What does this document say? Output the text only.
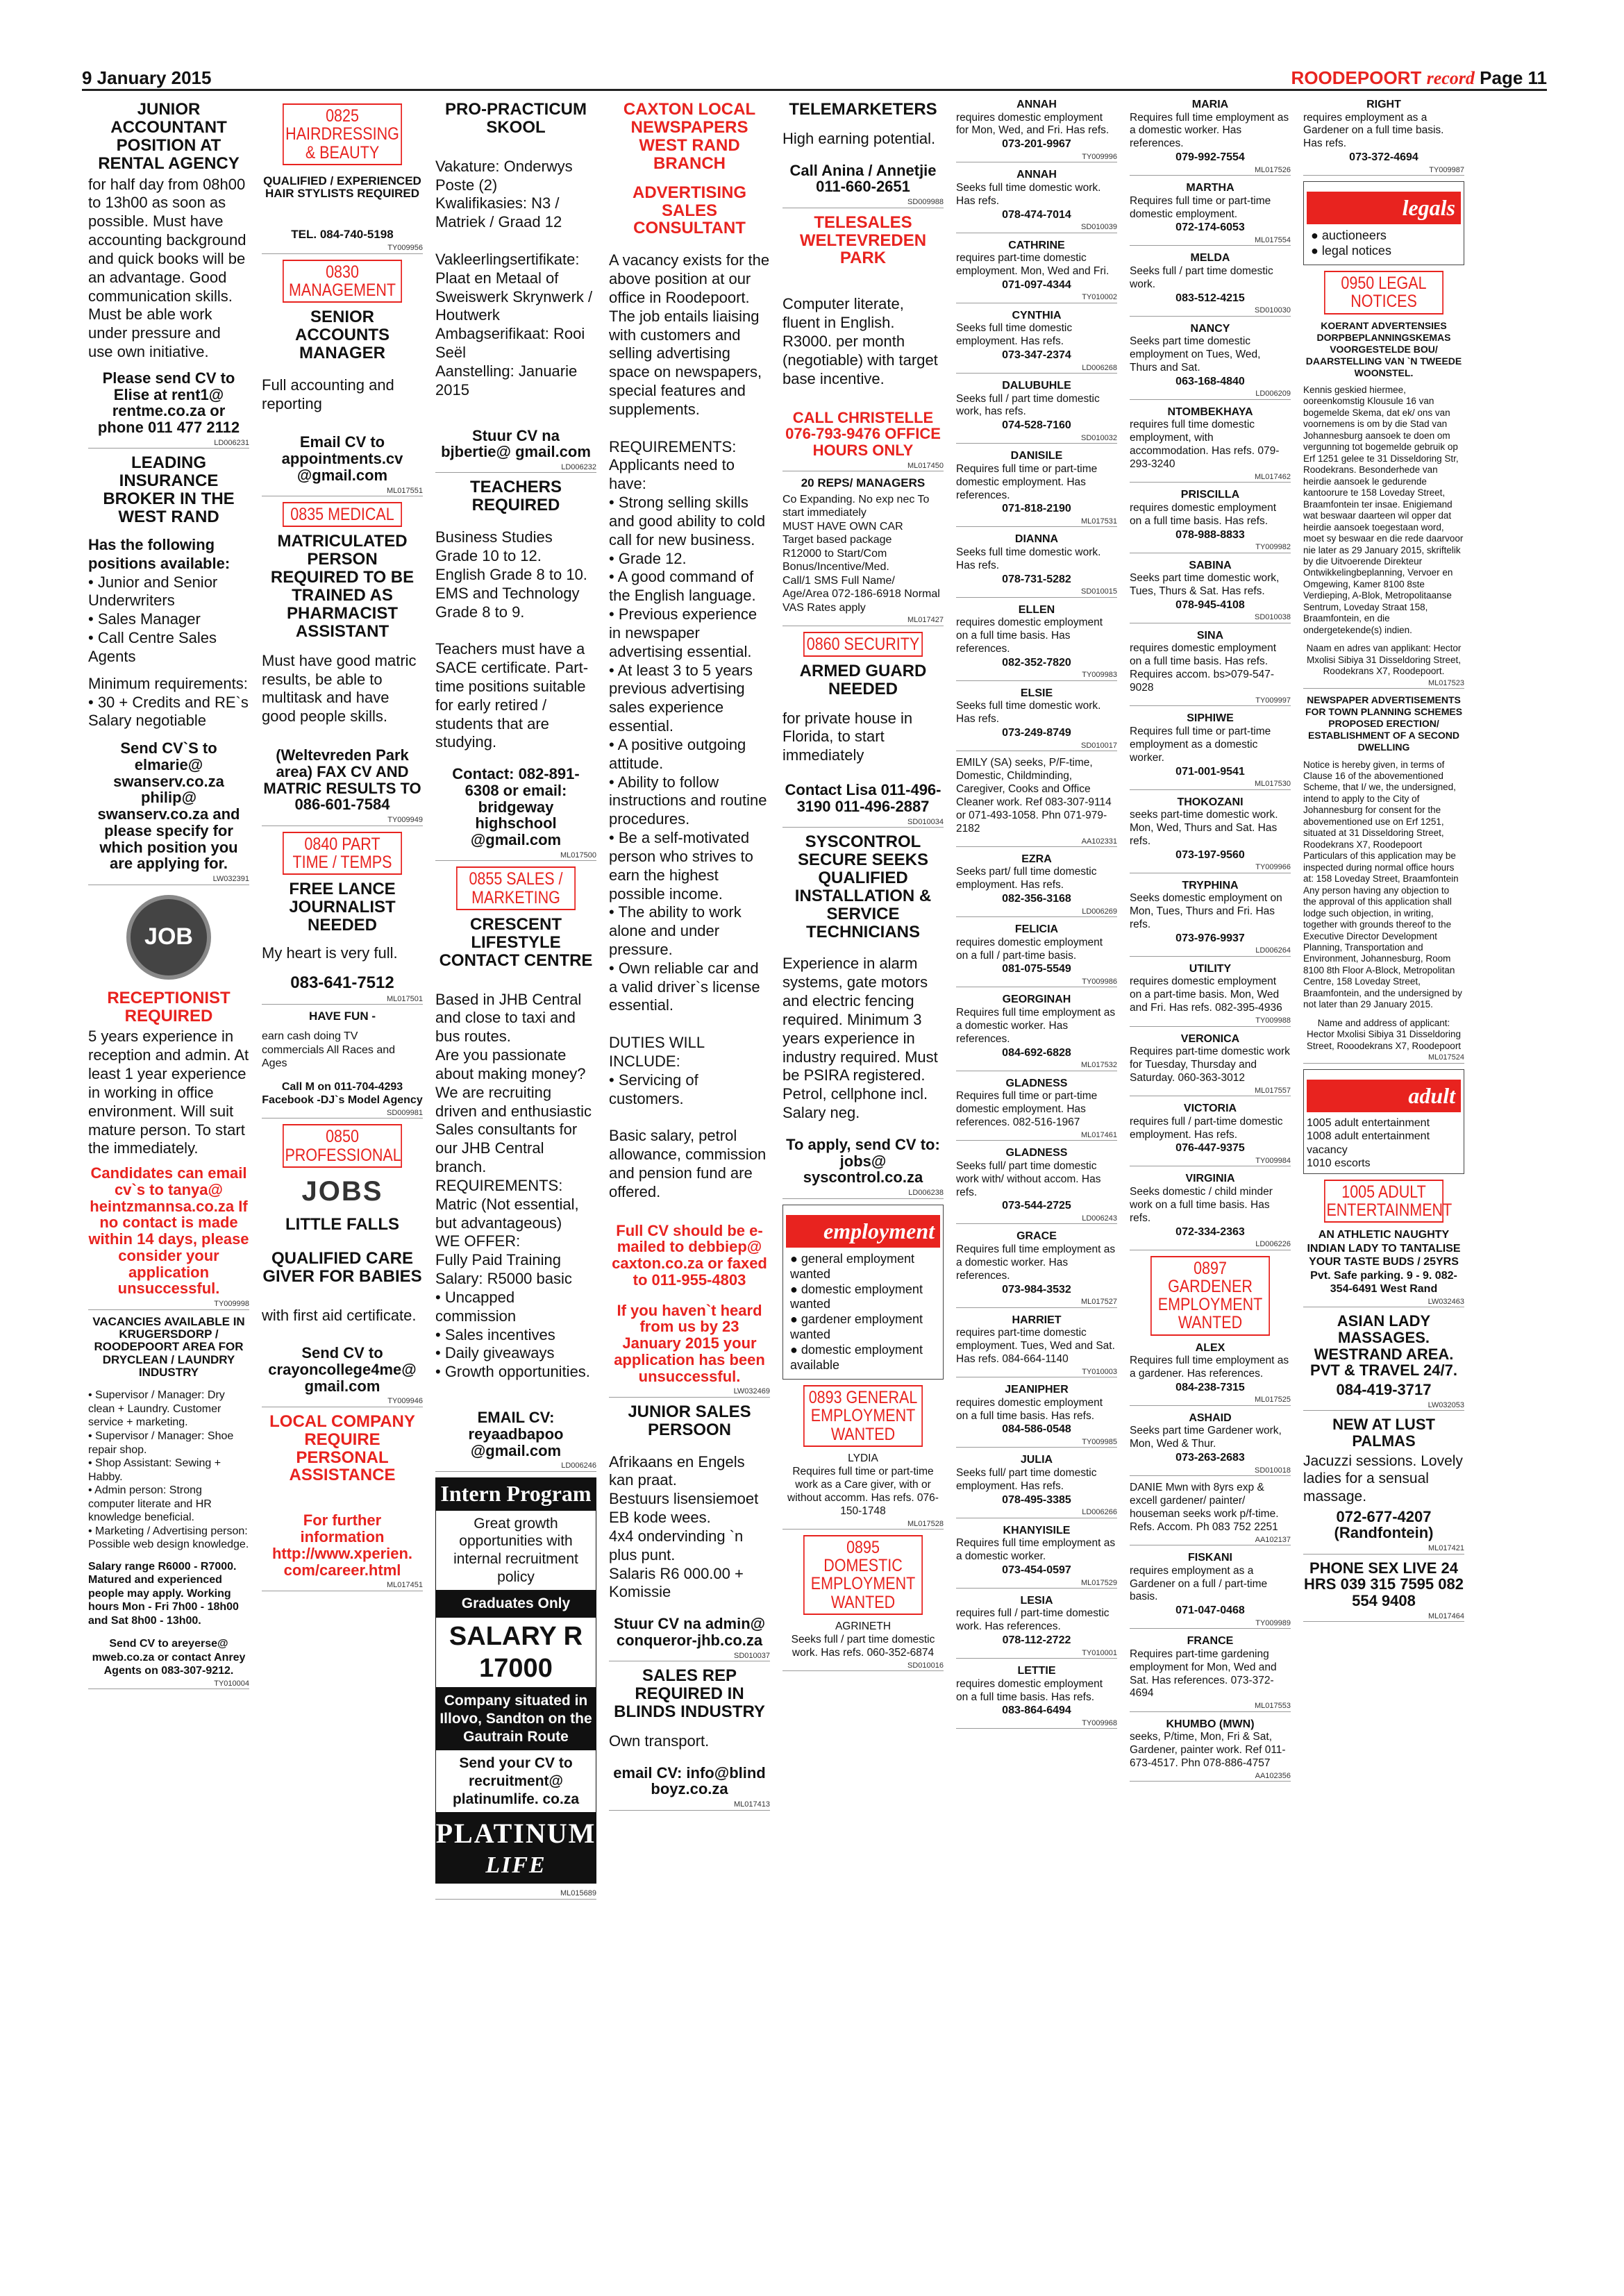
9 January 2015	ROODEPOORT record Page 11
JUNIOR ACCOUNTANT POSITION AT RENTAL AGENCY
for half day from 08h00 to 13h00 as soon as possible. Must have accounting background and quick books will be an advantage. Good communication skills. Must be able work under pressure and use own initiative.
Please send CV to Elise at rent1@ rentme.co.za or phone 011 477 2112
LD006231
LEADING INSURANCE BROKER IN THE WEST RAND
Has the following positions available:
• Junior and Senior Underwriters
• Sales Manager
• Call Centre Sales Agents
Minimum requirements:
• 30 + Credits and RE`s
Salary negotiable
Send CV`S to elmarie@ swanserv.co.za philip@ swanserv.co.za and please specify for which position you are applying for.
LW032391
JOB
RECEPTIONIST REQUIRED
5 years experience in reception and admin. At least 1 year experience in working in office environment. Will suit mature person. To start the immediately.
Candidates can email cv`s to tanya@ heintzmannsa.co.za If no contact is made within 14 days, please consider your application unsuccessful.
TY009998
VACANCIES AVAILABLE IN KRUGERSDORP / ROODEPOORT AREA FOR DRYCLEAN / LAUNDRY INDUSTRY
• Supervisor / Manager: Dry clean + Laundry. Customer service + marketing.
• Supervisor / Manager: Shoe repair shop.
• Shop Assistant: Sewing + Habby.
• Admin person: Strong computer literate and HR knowledge beneficial.
• Marketing / Advertising person: Possible web design knowledge.
Salary range R6000 - R7000. Matured and experienced people may apply. Working hours Mon - Fri 7h00 - 18h00 and Sat 8h00 - 13h00.
Send CV to areyerse@ mweb.co.za or contact Anrey Agents on 083-307-9212.
TY010004
0825 HAIRDRESSING & BEAUTY
QUALIFIED / EXPERIENCED HAIR STYLISTS REQUIRED
TEL. 084-740-5198
TY009956
0830 MANAGEMENT
SENIOR ACCOUNTS MANAGER
Full accounting and reporting
Email CV to appointments.cv @gmail.com
ML017551
0835 MEDICAL
MATRICULATED PERSON REQUIRED TO BE TRAINED AS PHARMACIST ASSISTANT
Must have good matric results, be able to multitask and have good people skills.
(Weltevreden Park area) FAX CV AND MATRIC RESULTS TO 086-601-7584
TY009949
0840 PART TIME / TEMPS
FREE LANCE JOURNALIST NEEDED
My heart is very full.
083-641-7512
ML017501
HAVE FUN -
earn cash doing TV commercials All Races and Ages
Call M on 011-704-4293 Facebook -DJ`s Model Agency
SD009981
0850 PROFESSIONAL
JOBS
LITTLE FALLS
QUALIFIED CARE GIVER FOR BABIES
with first aid certificate.
Send CV to crayoncollege4me@ gmail.com
TY009946
LOCAL COMPANY REQUIRE PERSONAL ASSISTANCE
For further information http://www.xperien. com/career.html
ML017451
PRO-PRACTICUM SKOOL
Vakature: Onderwys Poste (2)
Kwalifikasies: N3 / Matriek / Graad 12

Vakleerlingsertifikate: Plaat en Metaal of Sweiswerk Skrynwerk / Houtwerk
Ambagserifikaat: Rooi Seël
Aanstelling: Januarie 2015
Stuur CV na bjbertie@ gmail.com
LD006232
TEACHERS REQUIRED
Business Studies Grade 10 to 12.
English Grade 8 to 10.
EMS and Technology Grade 8 to 9.

Teachers must have a SACE certificate. Part-time positions suitable for early retired / students that are studying.
Contact: 082-891-6308 or email: bridgeway highschool @gmail.com
ML017500
0855 SALES / MARKETING
CRESCENT LIFESTYLE CONTACT CENTRE
Based in JHB Central and close to taxi and bus routes.
Are you passionate about making money? We are recruiting driven and enthusiastic Sales consultants for our JHB Central branch.
REQUIREMENTS:
Matric (Not essential, but advantageous)
WE OFFER:
Fully Paid Training
Salary: R5000 basic
• Uncapped commission
• Sales incentives
• Daily giveaways
• Growth opportunities.
EMAIL CV: reyaadbapoo @gmail.com
LD006246
Intern Program
Great growth opportunities with internal recruitment policy
Graduates Only
SALARY R 17000
Company situated in Illovo, Sandton on the Gautrain Route
Send your CV to recruitment@ platinumlife. co.za
PLATINUM
LIFE
ML015689
CAXTON LOCAL NEWSPAPERS WEST RAND BRANCH
ADVERTISING SALES CONSULTANT
A vacancy exists for the above position at our office in Roodepoort.
The job entails liaising with customers and selling advertising space on newspapers, special features and supplements.

REQUIREMENTS:
Applicants need to have:
• Strong selling skills and good ability to cold call for new business.
• Grade 12.
• A good command of the English language.
• Previous experience in newspaper advertising essential.
• At least 3 to 5 years previous advertising sales experience essential.
• A positive outgoing attitude.
• Ability to follow instructions and routine procedures.
• Be a self-motivated person who strives to earn the highest possible income.
• The ability to work alone and under pressure.
• Own reliable car and a valid driver`s license essential.

DUTIES WILL INCLUDE:
• Servicing of customers.

Basic salary, petrol allowance, commission and pension fund are offered.
Full CV should be e-mailed to debbiep@ caxton.co.za or faxed to 011-955-4803
If you haven`t heard from us by 23 January 2015 your application has been unsuccessful.
LW032469
JUNIOR SALES PERSOON
Afrikaans en Engels kan praat.
Bestuurs lisensiemoet EB kode wees.
4x4 ondervinding `n plus punt.
Salaris R6 000.00 + Komissie
Stuur CV na admin@ conqueror-jhb.co.za
SD010037
SALES REP REQUIRED IN BLINDS INDUSTRY
Own transport.
email CV: info@blind boyz.co.za
ML017413
TELEMARKETERS
High earning potential.
Call Anina / Annetjie 011-660-2651
SD009988
TELESALES WELTEVREDEN PARK
Computer literate, fluent in English. R3000. per month (negotiable) with target base incentive.
CALL CHRISTELLE 076-793-9476 OFFICE HOURS ONLY
ML017450
20 REPS/ MANAGERS
Co Expanding. No exp nec To start immediately
MUST HAVE OWN CAR
Target based package
R12000 to Start/Com Bonus/Incentive/Med.
Call/1 SMS Full Name/ Age/Area 072-186-6918 Normal VAS Rates apply
ML017427
0860 SECURITY
ARMED GUARD NEEDED
for private house in Florida, to start immediately
Contact Lisa 011-496-3190 011-496-2887
SD010034
SYSCONTROL SECURE SEEKS QUALIFIED INSTALLATION & SERVICE TECHNICIANS
Experience in alarm systems, gate motors and electric fencing required. Minimum 3 years experience in industry required. Must be PSIRA registered. Petrol, cellphone incl. Salary neg.
To apply, send CV to: jobs@ syscontrol.co.za
LD006238
employment
● general employment wanted
● domestic employment wanted
● gardener employment wanted
● domestic employment available
0893 GENERAL EMPLOYMENT WANTED
LYDIA
Requires full time or part-time work as a Care giver, with or without accomm. Has refs. 076-150-1748
ML017528
0895 DOMESTIC EMPLOYMENT WANTED
AGRINETH
Seeks full / part time domestic work. Has refs. 060-352-6874
SD010016
ANNAH
requires domestic employment for Mon, Wed, and Fri. Has refs.
073-201-9967
TY009996
ANNAH
Seeks full time domestic work. Has refs.
078-474-7014
SD010039
CATHRINE
requires part-time domestic employment. Mon, Wed and Fri.
071-097-4344
TY010002
CYNTHIA
Seeks full time domestic employment. Has refs.
073-347-2374
LD006268
DALUBUHLE
Seeks full / part time domestic work, has refs.
074-528-7160
SD010032
DANISILE
Requires full time or part-time domestic employment. Has references.
071-818-2190
ML017531
DIANNA
Seeks full time domestic work. Has refs.
078-731-5282
SD010015
ELLEN
requires domestic employment on a full time basis. Has references.
082-352-7820
TY009983
ELSIE
Seeks full time domestic work. Has refs.
073-249-8749
SD010017
EMILY (SA) seeks, P/F-time, Domestic, Childminding, Caregiver, Cooks and Office Cleaner work. Ref 083-307-9114 or 071-493-1058. Phn 071-979-2182
AA102331
EZRA
Seeks part/ full time domestic employment. Has refs.
082-356-3168
LD006269
FELICIA
requires domestic employment on a full / part-time basis.
081-075-5549
TY009986
GEORGINAH
Requires full time employment as a domestic worker. Has references.
084-692-6828
ML017532
GLADNESS
Requires full time or part-time domestic employment. Has references. 082-516-1967
ML017461
GLADNESS
Seeks full/ part time domestic work with/ without accom. Has refs.
073-544-2725
LD006243
GRACE
Requires full time employment as a domestic worker. Has references.
073-984-3532
ML017527
HARRIET
requires part-time domestic employment. Tues, Wed and Sat. Has refs. 084-664-1140
TY010003
JEANIPHER
requires domestic employment on a full time basis. Has refs.
084-586-0548
TY009985
JULIA
Seeks full/ part time domestic employment. Has refs.
078-495-3385
LD006266
KHANYISILE
Requires full time employment as a domestic worker.
073-454-0597
ML017529
LESIA
requires full / part-time domestic work. Has references.
078-112-2722
TY010001
LETTIE
requires domestic employment on a full time basis. Has refs.
083-864-6494
TY009968
MARIA
Requires full time employment as a domestic worker. Has references.
079-992-7554
ML017526
MARTHA
Requires full time or part-time domestic employment.
072-174-6053
ML017554
MELDA
Seeks full / part time domestic work.
083-512-4215
SD010030
NANCY
Seeks part time domestic employment on Tues, Wed, Thurs and Sat.
063-168-4840
LD006209
NTOMBEKHAYA
requires full time domestic employment, with accommodation. Has refs. 079-293-3240
ML017462
PRISCILLA
requires domestic employment on a full time basis. Has refs.
078-988-8833
TY009982
SABINA
Seeks part time domestic work, Tues, Thurs & Sat. Has refs.
078-945-4108
SD010038
SINA
requires domestic employment on a full time basis. Has refs. Requires accom. bs>079-547-9028
TY009997
SIPHIWE
Requires full time or part-time employment as a domestic worker.
071-001-9541
ML017530
THOKOZANI
seeks part-time domestic work. Mon, Wed, Thurs and Sat. Has refs.
073-197-9560
TY009966
TRYPHINA
Seeks domestic employment on Mon, Tues, Thurs and Fri. Has refs.
073-976-9937
LD006264
UTILITY
requires domestic employment on a part-time basis. Mon, Wed and Fri. Has refs. 082-395-4936
TY009988
VERONICA
Requires part-time domestic work for Tuesday, Thursday and Saturday. 060-363-3012
ML017557
VICTORIA
requires full / part-time domestic employment. Has refs.
076-447-9375
TY009984
VIRGINIA
Seeks domestic / child minder work on a full time basis. Has refs.
072-334-2363
LD006226
0897 GARDENER EMPLOYMENT WANTED
ALEX
Requires full time employment as a gardener. Has references.
084-238-7315
ML017525
ASHAID
Seeks part time Gardener work, Mon, Wed & Thur.
073-263-2683
SD010018
DANIE Mwn with 8yrs exp & excell gardener/ painter/ houseman seeks work p/f-time. Refs. Accom. Ph 083 752 2251
AA102137
FISKANI
requires employment as a Gardener on a full / part-time basis.
071-047-0468
TY009989
FRANCE
Requires part-time gardening employment for Mon, Wed and Sat. Has references. 073-372-4694
ML017553
KHUMBO (MWN)
seeks, P/time, Mon, Fri & Sat, Gardener, painter work. Ref 011-673-4517. Phn 078-886-4757
AA102356
RIGHT
requires employment as a Gardener on a full time basis. Has refs.
073-372-4694
TY009987
legals
● auctioneers
● legal notices
0950 LEGAL NOTICES
KOERANT ADVERTENSIES DORPBEPLANNINGSKEMAS VOORGESTELDE BOU/ DAARSTELLING VAN `N TWEEDE WOONSTEL.
Kennis geskied hiermee, ooreenkomstig Klousule 16 van bogemelde Skema, dat ek/ ons van voornemens is om by die Stad van Johannesburg aansoek te doen om vergunning tot bogemelde gebruik op Erf 1251 gelee te 31 Disseldoring Str, Roodekrans. Besonderhede van heirdie aansoek le gedurende kantoorure te 158 Loveday Street, Braamfontein ter insae. Enigiemand wat beswaar daarteen wil opper dat heirdie aansoek toegestaan word, moet sy beswaar en die rede daarvoor nie later as 29 January 2015, skriftelik by die Uitvoerende Direkteur Ontwikkelingbeplanning, Vervoer en Omgewing, Kamer 8100 8ste Verdieping, A-Blok, Metropolitaanse Sentrum, Loveday Straat 158, Braamfontein, en die ondergetekende(s) indien.
Naam en adres van applikant: Hector Mxolisi Sibiya 31 Disseldoring Street, Roodekrans X7, Roodepoort.
ML017523
NEWSPAPER ADVERTISEMENTS FOR TOWN PLANNING SCHEMES PROPOSED ERECTION/ ESTABLISHMENT OF A SECOND DWELLING
Notice is hereby given, in terms of Clause 16 of the abovementioned Scheme, that I/ we, the undersigned, intend to apply to the City of Johannesburg for consent for the abovementioned use on Erf 1251, situated at 31 Disseldoring Street, Roodekrans X7, Roodepoort Particulars of this application may be inspected during normal office hours at: 158 Loveday Street, Braamfontein Any person having any objection to the approval of this application shall lodge such objection, in writing, together with grounds thereof to the Executive Director Development Planning, Transportation and Environment, Johannesburg, Room 8100 8th Floor A-Block, Metropolitan Centre, 158 Loveday Street, Braamfontein, and the undersigned by not later than 29 January 2015.
Name and address of applicant: Hector Mxolisi Sibiya 31 Disseldoring Street, Rooodekrans X7, Roodepoort
ML017524
adult
1005 adult entertainment
1008 adult entertainment vacancy
1010 escorts
1005 ADULT ENTERTAINMENT
AN ATHLETIC NAUGHTY INDIAN LADY TO TANTALISE YOUR TASTE BUDS / 25YRS Pvt. Safe parking. 9 - 9. 082-354-6491 West Rand
LW032463
ASIAN LADY MASSAGES. WESTRAND AREA. PVT & TRAVEL 24/7.
084-419-3717
LW032053
NEW AT LUST PALMAS
Jacuzzi sessions. Lovely ladies for a sensual massage.
072-677-4207 (Randfontein)
ML017421
PHONE SEX LIVE 24 HRS 039 315 7595 082 554 9408
ML017464
